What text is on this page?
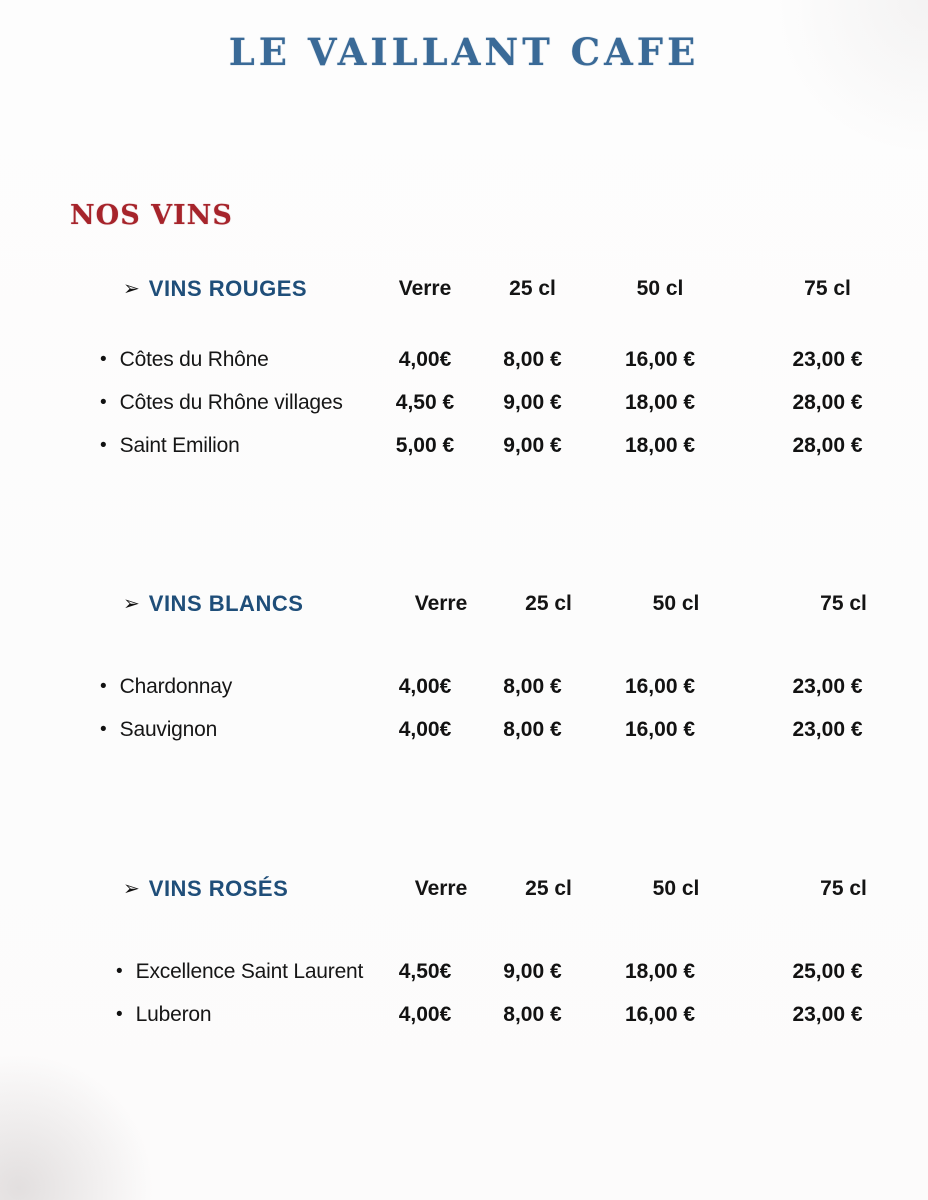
LE VAILLANT CAFE
NOS VINS
➢ VINS ROUGES	Verre	25 cl	50 cl	75 cl
• Côtes du Rhône	4,00€	8,00 €	16,00 €	23,00 €
• Côtes du Rhône villages	4,50 €	9,00 €	18,00 €	28,00 €
• Saint Emilion	5,00 €	9,00 €	18,00 €	28,00 €
➢ VINS BLANCS	Verre	25 cl	50 cl	75 cl
• Chardonnay	4,00€	8,00 €	16,00 €	23,00 €
• Sauvignon	4,00€	8,00 €	16,00 €	23,00 €
➢ VINS ROSÉS	Verre	25 cl	50 cl	75 cl
• Excellence Saint Laurent	4,50€	9,00 €	18,00 €	25,00 €
• Luberon	4,00€	8,00 €	16,00 €	23,00 €
